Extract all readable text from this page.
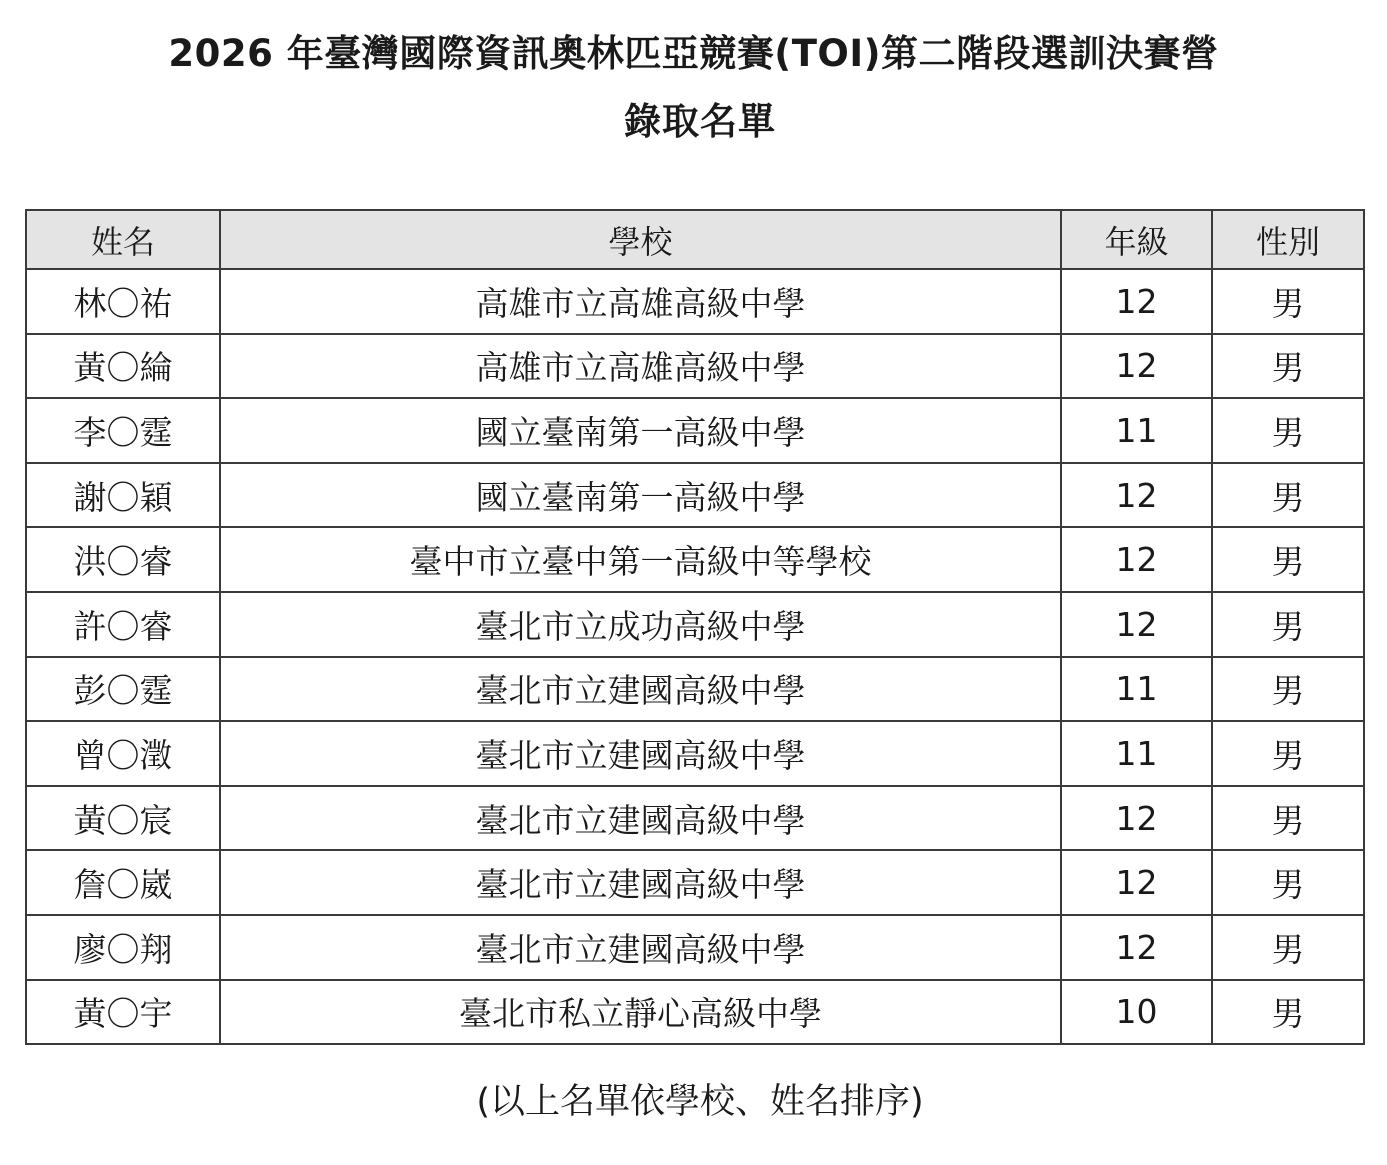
2026 年臺灣國際資訊奧林匹亞競賽(TOI)第二階段選訓決賽營
錄取名單
姓名	學校	年級	性別
林〇祐	高雄市立高雄高級中學	12	男
黃〇綸	高雄市立高雄高級中學	12	男
李〇霆	國立臺南第一高級中學	11	男
謝〇穎	國立臺南第一高級中學	12	男
洪〇睿	臺中市立臺中第一高級中等學校	12	男
許〇睿	臺北市立成功高級中學	12	男
彭〇霆	臺北市立建國高級中學	11	男
曾〇澂	臺北市立建國高級中學	11	男
黃〇宸	臺北市立建國高級中學	12	男
詹〇崴	臺北市立建國高級中學	12	男
廖〇翔	臺北市立建國高級中學	12	男
黃〇宇	臺北市私立靜心高級中學	10	男
(以上名單依學校、姓名排序)
